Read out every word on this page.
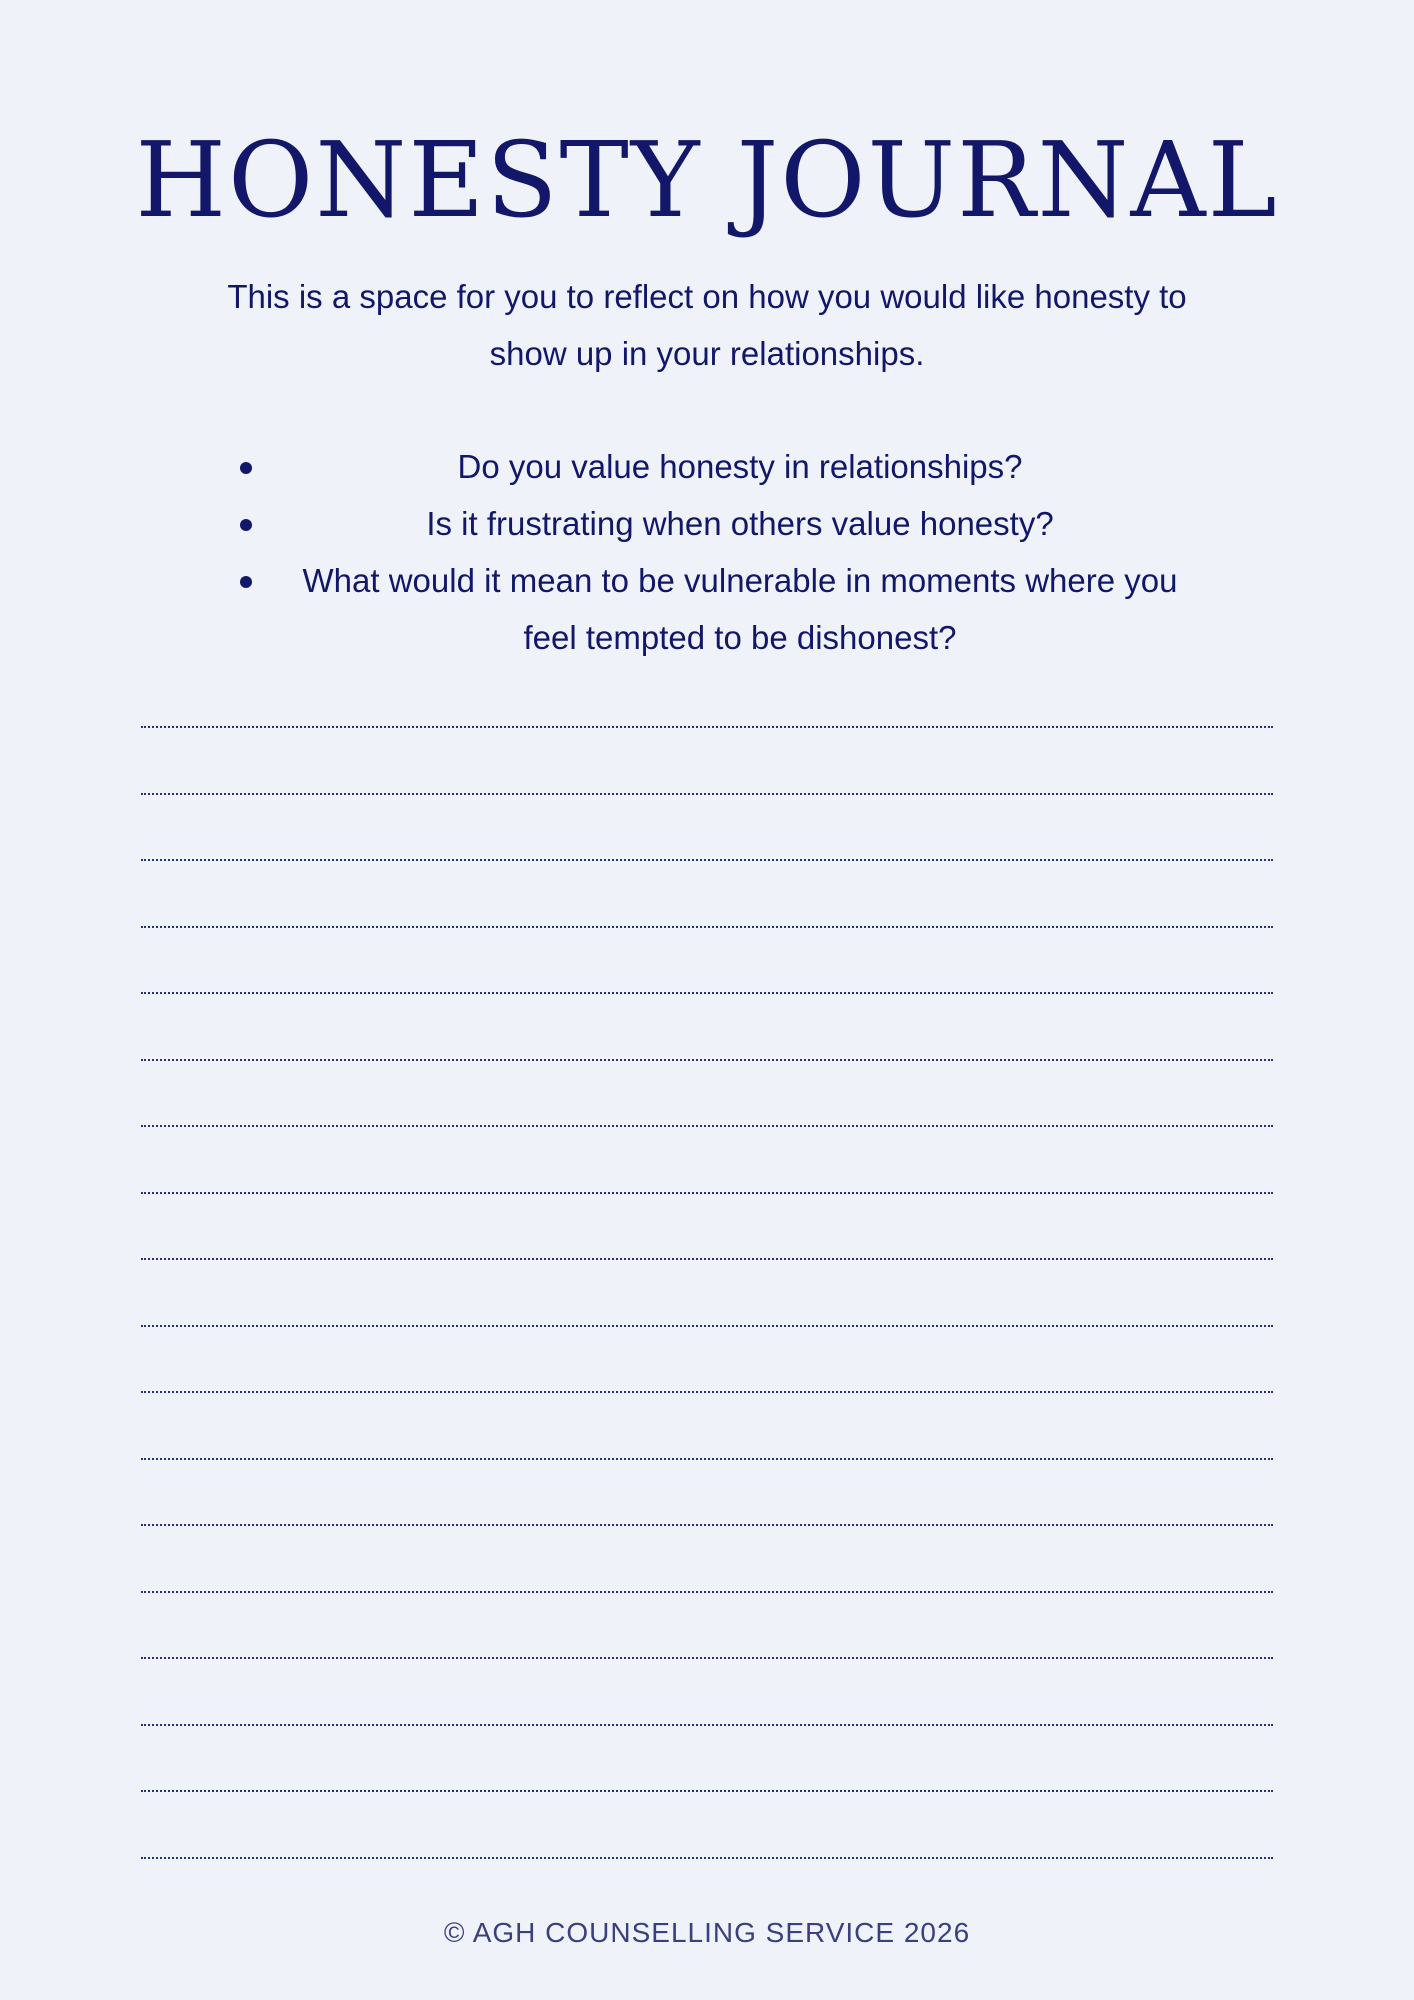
HONESTY JOURNAL

This is a space for you to reflect on how you would like honesty to show up in your relationships.

Do you value honesty in relationships?
Is it frustrating when others value honesty?
What would it mean to be vulnerable in moments where you feel tempted to be dishonest?

© AGH COUNSELLING SERVICE 2026
